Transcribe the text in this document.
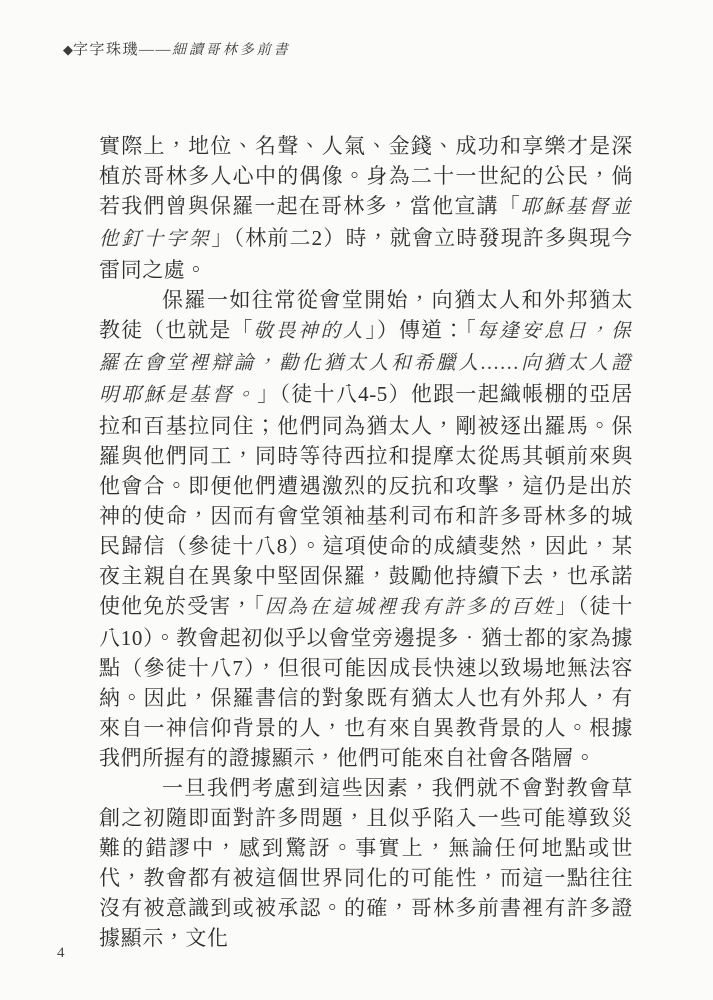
◆字字珠璣——細讀哥林多前書

實際上，地位、名聲、人氣、金錢、成功和享樂才是深植於哥林多人心中的偶像。身為二十一世紀的公民，倘若我們曾與保羅一起在哥林多，當他宣講「耶穌基督並他釘十字架」（林前二2）時，就會立時發現許多與現今雷同之處。

保羅一如往常從會堂開始，向猶太人和外邦猶太教徒（也就是「敬畏神的人」）傳道：「每逢安息日，保羅在會堂裡辯論，勸化猶太人和希臘人……向猶太人證明耶穌是基督。」（徒十八4-5）他跟一起織帳棚的亞居拉和百基拉同住；他們同為猶太人，剛被逐出羅馬。保羅與他們同工，同時等待西拉和提摩太從馬其頓前來與他會合。即便他們遭遇激烈的反抗和攻擊，這仍是出於神的使命，因而有會堂領袖基利司布和許多哥林多的城民歸信（參徒十八8）。這項使命的成績斐然，因此，某夜主親自在異象中堅固保羅，鼓勵他持續下去，也承諾使他免於受害，「因為在這城裡我有許多的百姓」（徒十八10）。教會起初似乎以會堂旁邊提多．猶士都的家為據點（參徒十八7），但很可能因成長快速以致場地無法容納。因此，保羅書信的對象既有猶太人也有外邦人，有來自一神信仰背景的人，也有來自異教背景的人。根據我們所握有的證據顯示，他們可能來自社會各階層。

一旦我們考慮到這些因素，我們就不會對教會草創之初隨即面對許多問題，且似乎陷入一些可能導致災難的錯謬中，感到驚訝。事實上，無論任何地點或世代，教會都有被這個世界同化的可能性，而這一點往往沒有被意識到或被承認。的確，哥林多前書裡有許多證據顯示，文化

4
